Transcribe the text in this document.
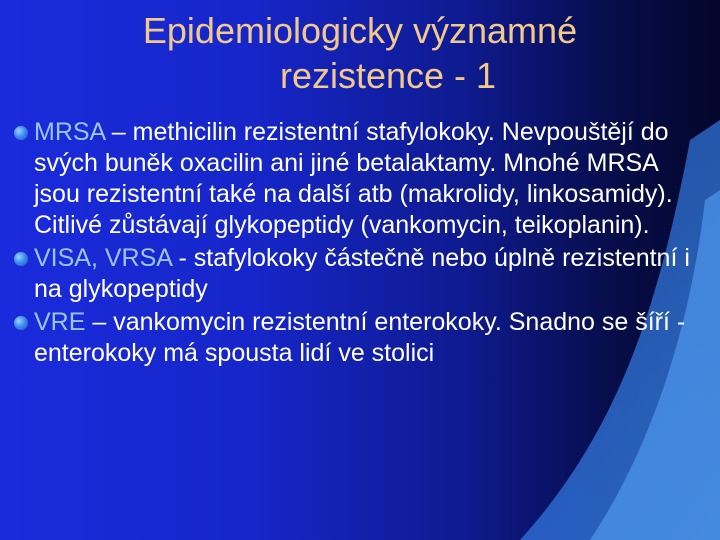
Epidemiologicky významné
rezistence - 1
MRSA – methicilin rezistentní stafylokoky. Nevpouštějí do svých buněk oxacilin ani jiné betalaktamy. Mnohé MRSA jsou rezistentní také na další atb (makrolidy, linkosamidy). Citlivé zůstávají glykopeptidy (vankomycin, teikoplanin).
VISA, VRSA - stafylokoky částečně nebo úplně rezistentní i na glykopeptidy
VRE – vankomycin rezistentní enterokoky. Snadno se šíří - enterokoky má spousta lidí ve stolici
